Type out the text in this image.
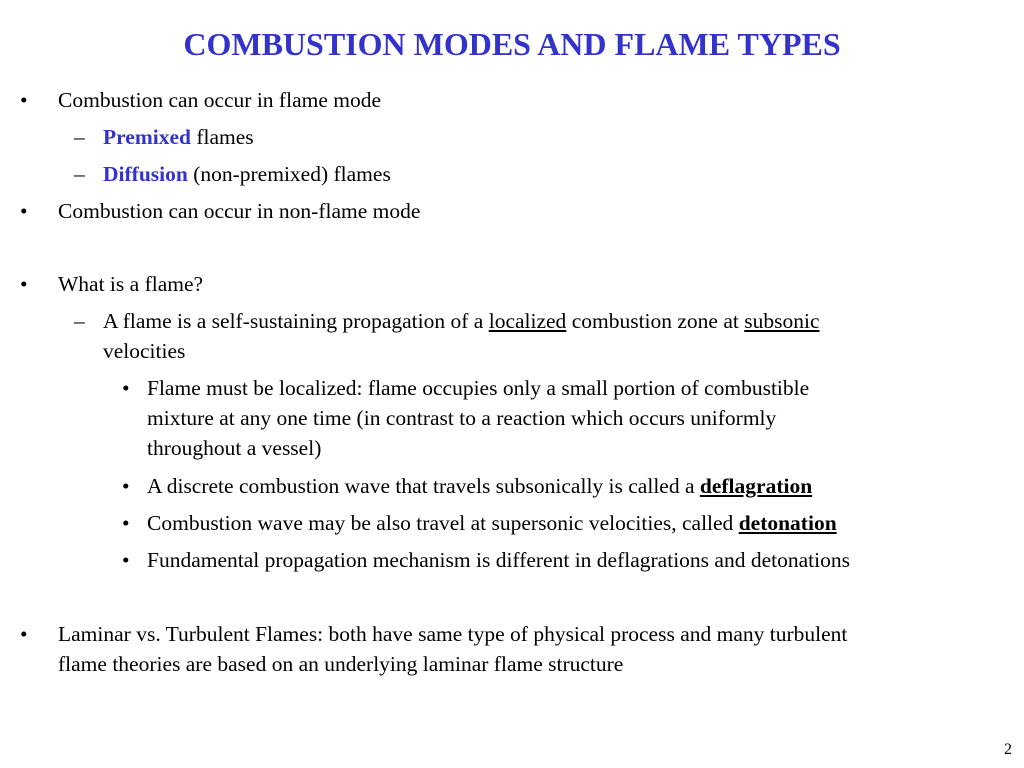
COMBUSTION MODES AND FLAME TYPES
• Combustion can occur in flame mode
– Premixed flames
– Diffusion (non-premixed) flames
• Combustion can occur in non-flame mode
• What is a flame?
– A flame is a self-sustaining propagation of a localized combustion zone at subsonic
velocities
• Flame must be localized: flame occupies only a small portion of combustible
mixture at any one time (in contrast to a reaction which occurs uniformly
throughout a vessel)
• A discrete combustion wave that travels subsonically is called a deflagration
• Combustion wave may be also travel at supersonic velocities, called detonation
• Fundamental propagation mechanism is different in deflagrations and detonations
• Laminar vs. Turbulent Flames: both have same type of physical process and many turbulent
flame theories are based on an underlying laminar flame structure
2
